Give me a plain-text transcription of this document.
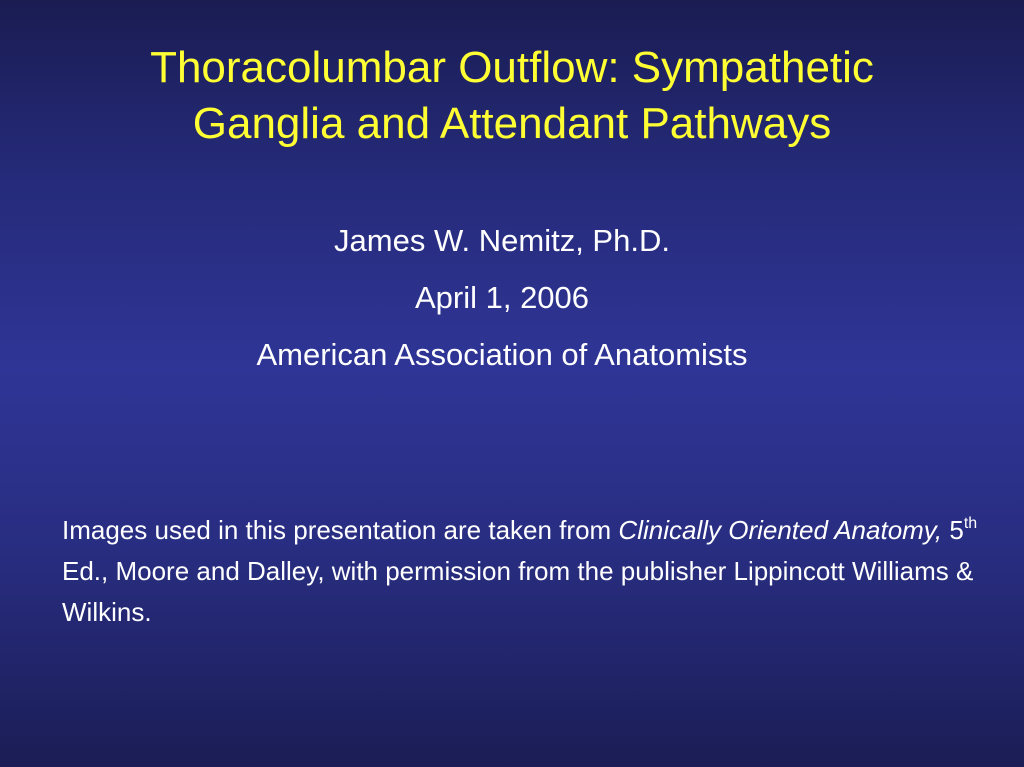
Thoracolumbar Outflow: Sympathetic
Ganglia and Attendant Pathways
James W. Nemitz, Ph.D.
April 1, 2006
American Association of Anatomists
Images used in this presentation are taken from Clinically Oriented Anatomy, 5th Ed., Moore and Dalley, with permission from the publisher Lippincott Williams & Wilkins.
